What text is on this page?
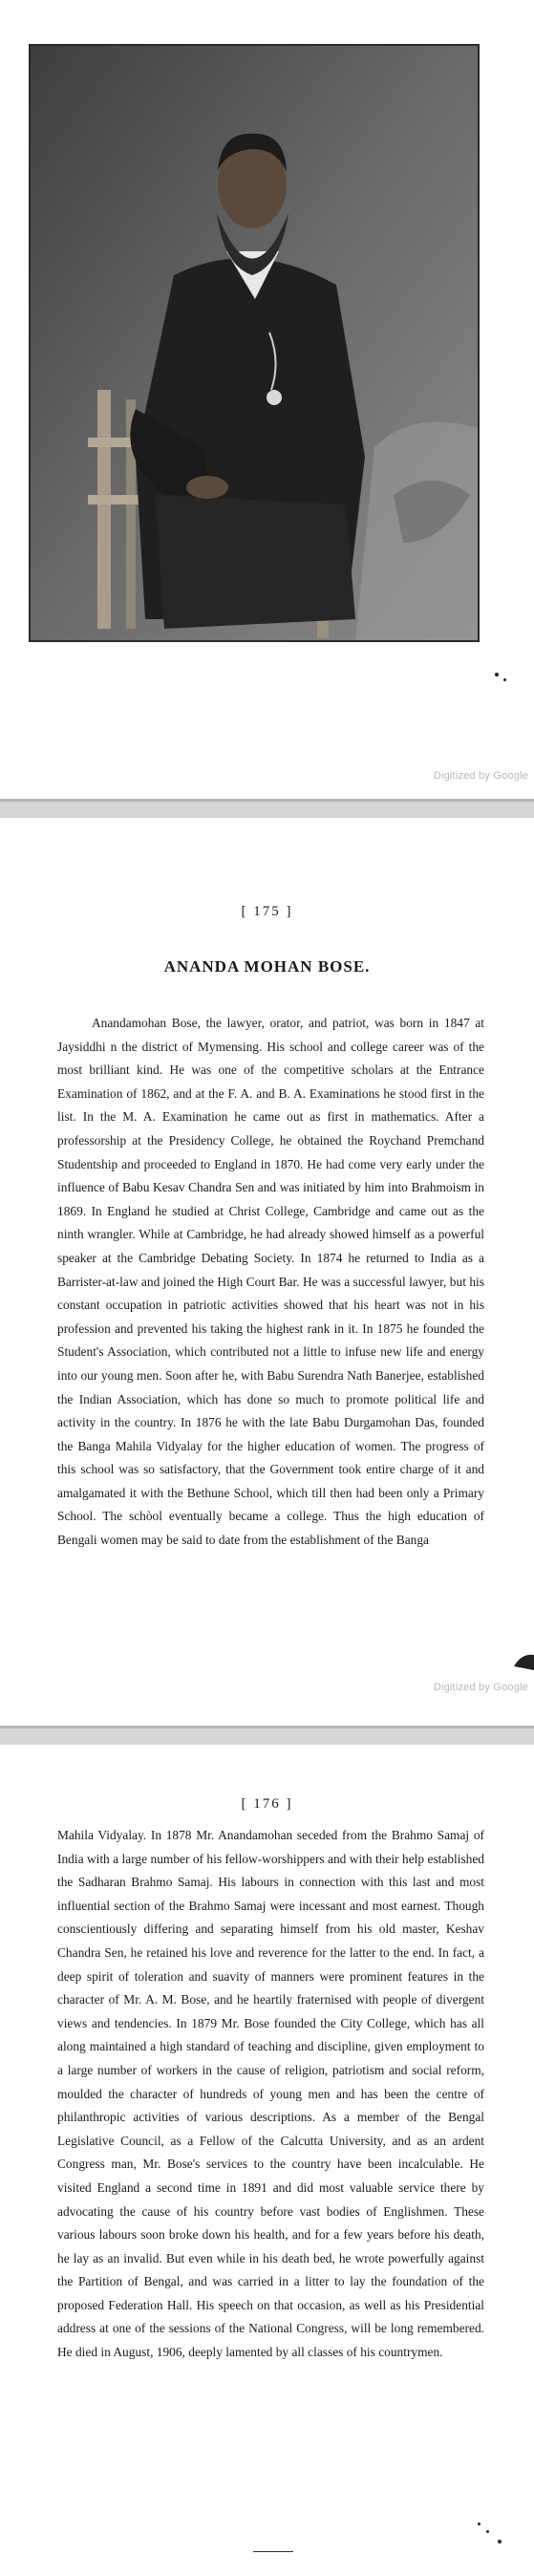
Digitized by Google
[ 175 ]
ANANDA MOHAN BOSE.

Anandamohan Bose, the lawyer, orator, and patriot, was born in 1847 at Jaysiddhi n the district of Mymensing. His school and college career was of the most brilliant kind. He was one of the competitive scholars at the Entrance Examination of 1862, and at the F. A. and B. A. Examinations he stood first in the list. In the M. A. Examination he came out as first in mathematics. After a professorship at the Presidency College, he obtained the Roychand Premchand Studentship and proceeded to England in 1870. He had come very early under the influence of Babu Kesav Chandra Sen and was initiated by him into Brahmoism in 1869. In England he studied at Christ College, Cambridge and came out as the ninth wrangler. While at Cambridge, he had already showed himself as a powerful speaker at the Cambridge Debating Society. In 1874 he returned to India as a Barrister-at-law and joined the High Court Bar. He was a successful lawyer, but his constant occupation in patriotic activities showed that his heart was not in his profession and prevented his taking the highest rank in it. In 1875 he founded the Student's Association, which contributed not a little to infuse new life and energy into our young men. Soon after he, with Babu Surendra Nath Banerjee, established the Indian Association, which has done so much to promote political life and activity in the country. In 1876 he with the late Babu Durgamohan Das, founded the Banga Mahila Vidyalay for the higher education of women. The progress of this school was so satisfactory, that the Government took entire charge of it and amalgamated it with the Bethune School, which till then had been only a Primary School. The schòol eventually became a college. Thus the high education of Bengali women may be said to date from the establishment of the Banga

Digitized by Google
[ 176 ]

Mahila Vidyalay. In 1878 Mr. Anandamohan seceded from the Brahmo Samaj of India with a large number of his fellow-worshippers and with their help established the Sadharan Brahmo Samaj. His labours in connection with this last and most influential section of the Brahmo Samaj were incessant and most earnest. Though conscientiously differing and separating himself from his old master, Keshav Chandra Sen, he retained his love and reverence for the latter to the end. In fact, a deep spirit of toleration and suavity of manners were prominent features in the character of Mr. A. M. Bose, and he heartily fraternised with people of divergent views and tendencies. In 1879 Mr. Bose founded the City College, which has all along maintained a high standard of teaching and discipline, given employment to a large number of workers in the cause of religion, patriotism and social reform, moulded the character of hundreds of young men and has been the centre of philanthropic activities of various descriptions. As a member of the Bengal Legislative Council, as a Fellow of the Calcutta University, and as an ardent Congress man, Mr. Bose's services to the country have been incalculable. He visited England a second time in 1891 and did most valuable service there by advocating the cause of his country before vast bodies of Englishmen. These various labours soon broke down his health, and for a few years before his death, he lay as an invalid. But even while in his death bed, he wrote powerfully against the Partition of Bengal, and was carried in a litter to lay the foundation of the proposed Federation Hall. His speech on that occasion, as well as his Presidential address at one of the sessions of the National Congress, will be long remembered. He died in August, 1906, deeply lamented by all classes of his countrymen.
